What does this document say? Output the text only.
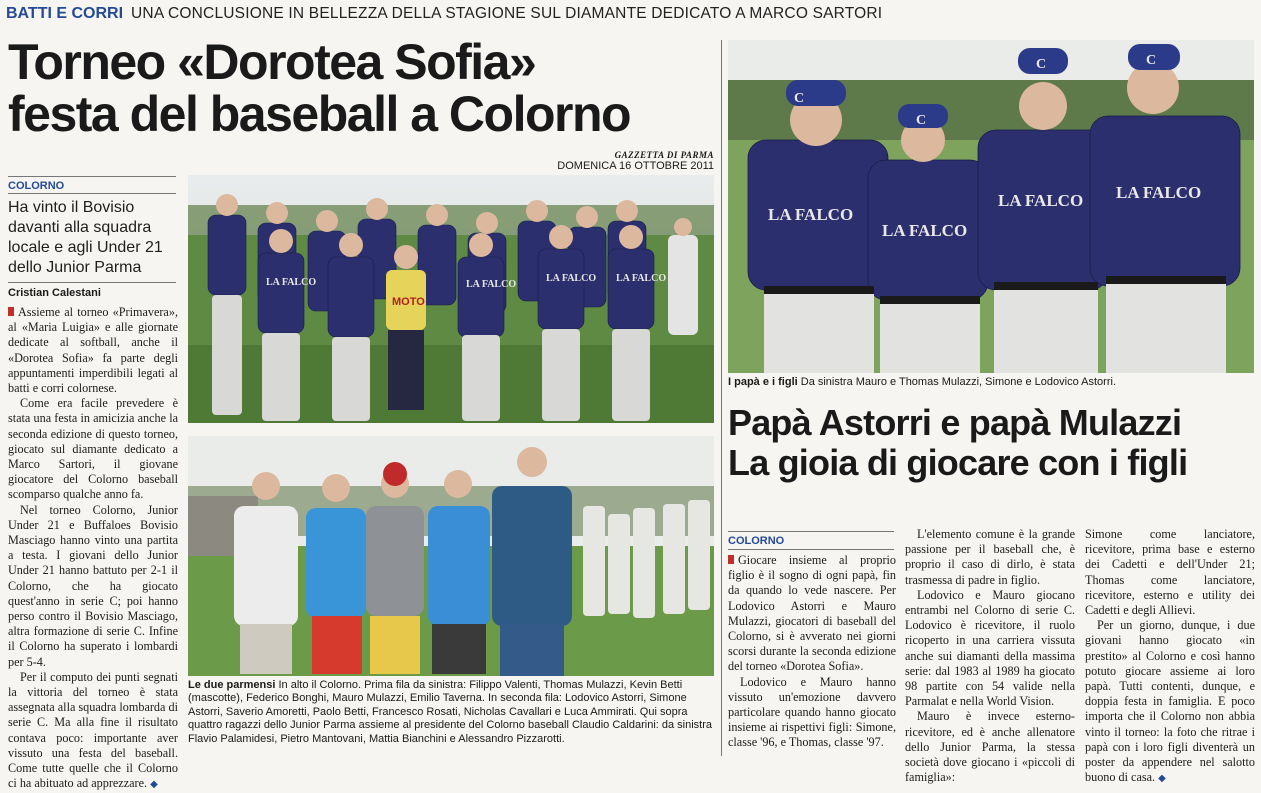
BATTI E CORRI UNA CONCLUSIONE IN BELLEZZA DELLA STAGIONE SUL DIAMANTE DEDICATO A MARCO SARTORI
Torneo «Dorotea Sofia»
festa del baseball a Colorno
GAZZETTA DI PARMA
DOMENICA 16 OTTOBRE 2011
COLORNO
Ha vinto il Bovisio davanti alla squadra locale e agli Under 21 dello Junior Parma
Cristian Calestani

Assieme al torneo «Primavera», al «Maria Luigia» e alle giornate dedicate al softball, anche il «Dorotea Sofia» fa parte degli appuntamenti imperdibili legati al batti e corri colornese.

Come era facile prevedere è stata una festa in amicizia anche la seconda edizione di questo torneo, giocato sul diamante dedicato a Marco Sartori, il giovane giocatore del Colorno baseball scomparso qualche anno fa.

Nel torneo Colorno, Junior Under 21 e Buffaloes Bovisio Masciago hanno vinto una partita a testa. I giovani dello Junior Under 21 hanno battuto per 2-1 il Colorno, che ha giocato quest'anno in serie C; poi hanno perso contro il Bovisio Masciago, altra formazione di serie C. Infine il Colorno ha superato i lombardi per 5-4.

Per il computo dei punti segnati la vittoria del torneo è stata assegnata alla squadra lombarda di serie C. Ma alla fine il risultato contava poco: importante aver vissuto una festa del baseball. Come tutte quelle che il Colorno ci ha abituato ad apprezzare. ◆

MOTO
LA FALCO	LA FALCO
LA FALCO LA FALCO
Le due parmensi In alto il Colorno. Prima fila da sinistra: Filippo Valenti, Thomas Mulazzi, Kevin Betti (mascotte), Federico Bonghi, Mauro Mulazzi, Emilio Taverna. In seconda fila: Lodovico Astorri, Simone Astorri, Saverio Amoretti, Paolo Betti, Francesco Rosati, Nicholas Cavallari e Luca Ammirati. Qui sopra quattro ragazzi dello Junior Parma assieme al presidente del Colorno baseball Claudio Caldarini: da sinistra Flavio Palamidesi, Pietro Mantovani, Mattia Bianchini e Alessandro Pizzarotti.
C
C
C	C
LA FALCO
LA FALCO
LA FALCO LA FALCO
I papà e i figli Da sinistra Mauro e Thomas Mulazzi, Simone e Lodovico Astorri.
Papà Astorri e papà Mulazzi
La gioia di giocare con i figli
COLORNO

Giocare insieme al proprio figlio è il sogno di ogni papà, fin da quando lo vede nascere. Per Lodovico Astorri e Mauro Mulazzi, giocatori di baseball del Colorno, si è avverato nei giorni scorsi durante la seconda edizione del torneo «Dorotea Sofia».

Lodovico e Mauro hanno vissuto un'emozione davvero particolare quando hanno giocato insieme ai rispettivi figli: Simone, classe '96, e Thomas, classe '97.

L'elemento comune è la grande passione per il baseball che, è proprio il caso di dirlo, è stata trasmessa di padre in figlio.

Lodovico e Mauro giocano entrambi nel Colorno di serie C. Lodovico è ricevitore, il ruolo ricoperto in una carriera vissuta anche sui diamanti della massima serie: dal 1983 al 1989 ha giocato 98 partite con 54 valide nella Parmalat e nella World Vision.

Mauro è invece esterno-ricevitore, ed è anche allenatore dello Junior Parma, la stessa società dove giocano i «piccoli di famiglia»:

Simone come lanciatore, ricevitore, prima base e esterno dei Cadetti e dell'Under 21; Thomas come lanciatore, ricevitore, esterno e utility dei Cadetti e degli Allievi.

Per un giorno, dunque, i due giovani hanno giocato «in prestito» al Colorno e così hanno potuto giocare assieme ai loro papà. Tutti contenti, dunque, e doppia festa in famiglia. E poco importa che il Colorno non abbia vinto il torneo: la foto che ritrae i papà con i loro figli diventerà un poster da appendere nel salotto buono di casa. ◆
